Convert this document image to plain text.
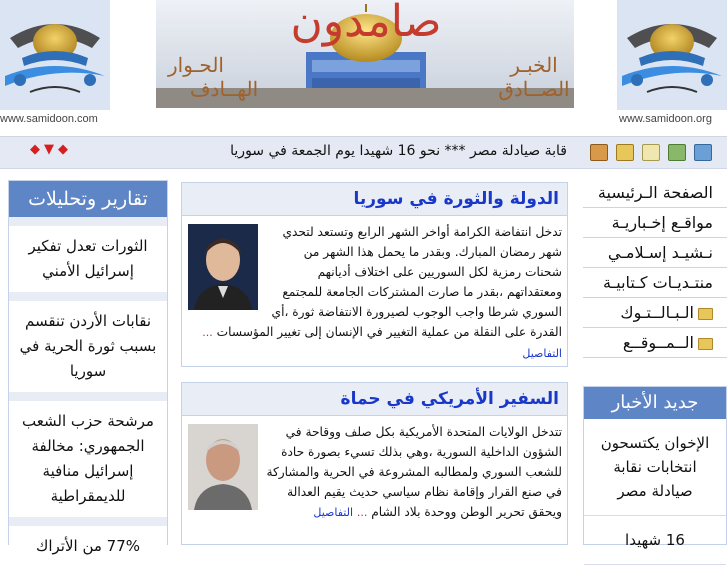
www.samidoon.com
صامدون
الخبـر
الصــادق
الحـوار
الهــادف
www.samidoon.org
◆ ▼ ◆	قابة صيادلة مصر *** نحو 16 شهيدا يوم الجمعة في سوريا
الصفحة الـرئيسية
مواقـع إخـباريـة
نـشيـد إسـلامـي
منتـديـات كـتابيـة
الـبـالــتـوك
الــمــوقــع
جديد الأخبار
الإخوان يكتسحون انتخابات نقابة صيادلة مصر
16 شهيدا
تقارير وتحليلات
الثورات تعدل تفكير إسرائيل الأمني
نقابات الأردن تنقسم بسبب ثورة الحرية في سوريا
مرشحة حزب الشعب الجمهوري: مخالفة إسرائيل منافية للديمقراطية
77% من الأتراك
الدولة والثورة في سوريا
تدخل انتفاضة الكرامة أواخر الشهر الرابع وتستعد لتحدي شهر رمضان المبارك. وبقدر ما يحمل هذا الشهر من شحنات رمزية لكل السوريين على اختلاف أديانهم ومعتقداتهم ،بقدر ما صارت المشتركات الجامعة للمجتمع السوري شرطا واجب الوجوب لصيرورة الانتفاضة ثورة ،أي القدرة على النقلة من عملية التغيير في الإنسان إلى تغيير المؤسسات ... التفاصيل
السفير الأمريكي في حماة
تتدخل الولايات المتحدة الأمريكية بكل صلف ووقاحة في الشؤون الداخلية السورية ،وهي بذلك تسيء بصورة حادة للشعب السوري ولمطالبه المشروعة في الحرية والمشاركة في صنع القرار وإقامة نظام سياسي حديث يقيم العدالة ويحقق تحرير الوطن ووحدة بلاد الشام ... التفاصيل
